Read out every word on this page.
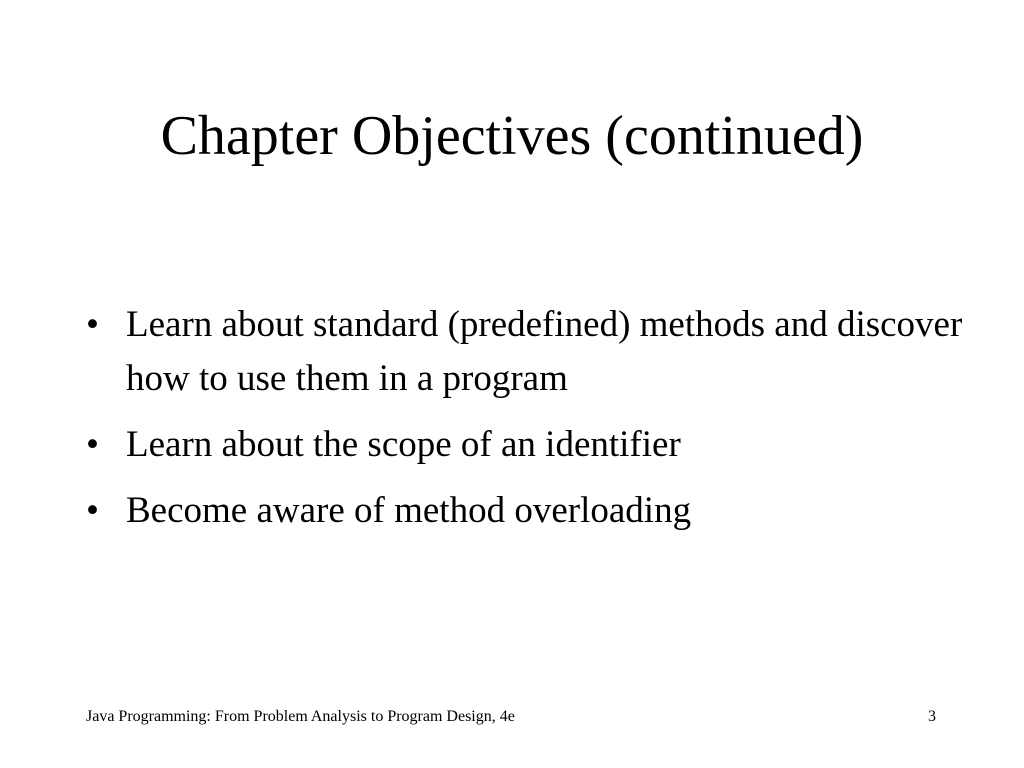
Chapter Objectives (continued)
• Learn about standard (predefined) methods and discover how to use them in a program
• Learn about the scope of an identifier
• Become aware of method overloading
Java Programming: From Problem Analysis to Program Design, 4e	3
